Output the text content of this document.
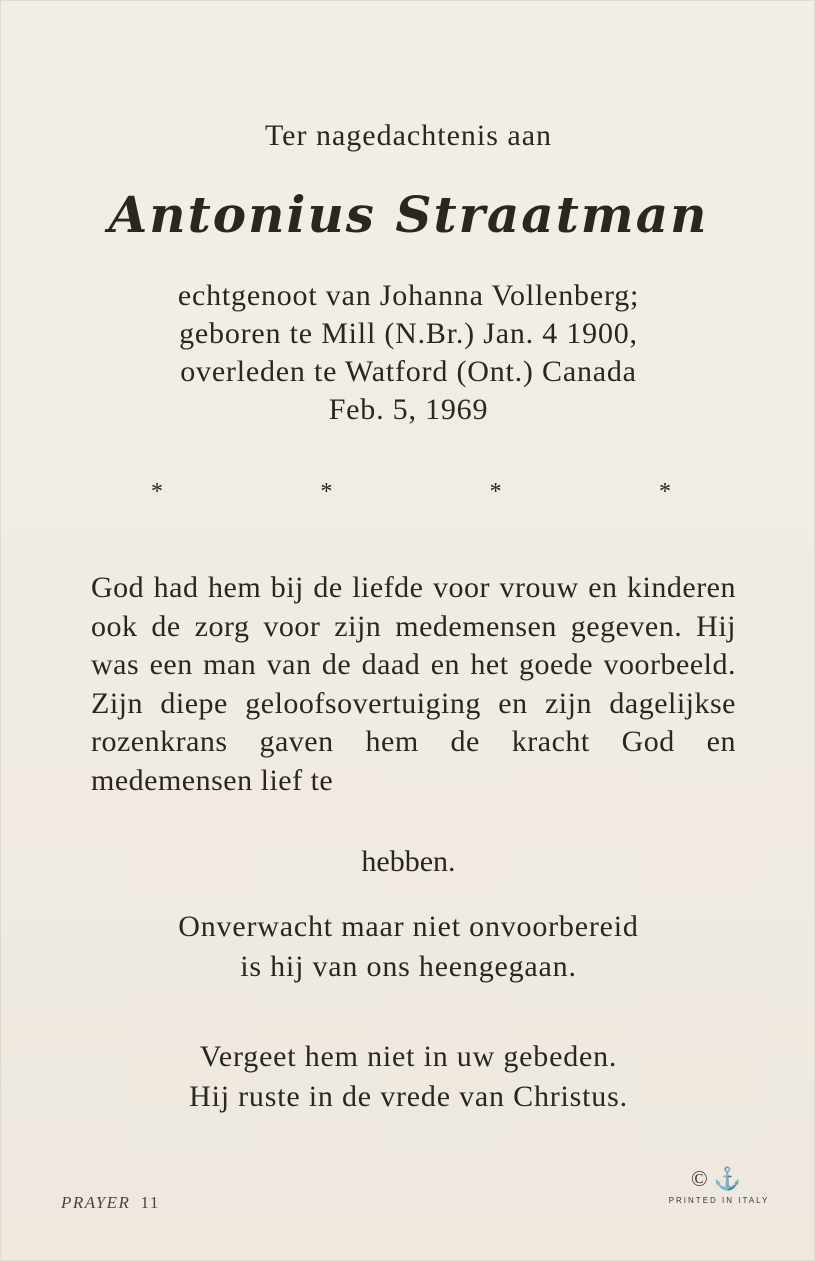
Ter nagedachtenis aan
Antonius Straatman
echtgenoot van Johanna Vollenberg;
geboren te Mill (N.Br.) Jan. 4 1900,
overleden te Watford (Ont.) Canada
Feb. 5, 1969
*	*	*	*
God had hem bij de liefde voor vrouw en kinderen ook de zorg voor zijn medemensen gegeven. Hij was een man van de daad en het goede voorbeeld. Zijn diepe geloofsovertuiging en zijn dagelijkse rozenkrans gaven hem de kracht God en medemensen lief te
hebben.
Onverwacht maar niet onvoorbereid
is hij van ons heengegaan.
Vergeet hem niet in uw gebeden.
Hij ruste in de vrede van Christus.
PRAYER 11
©⚓
PRINTED IN ITALY
